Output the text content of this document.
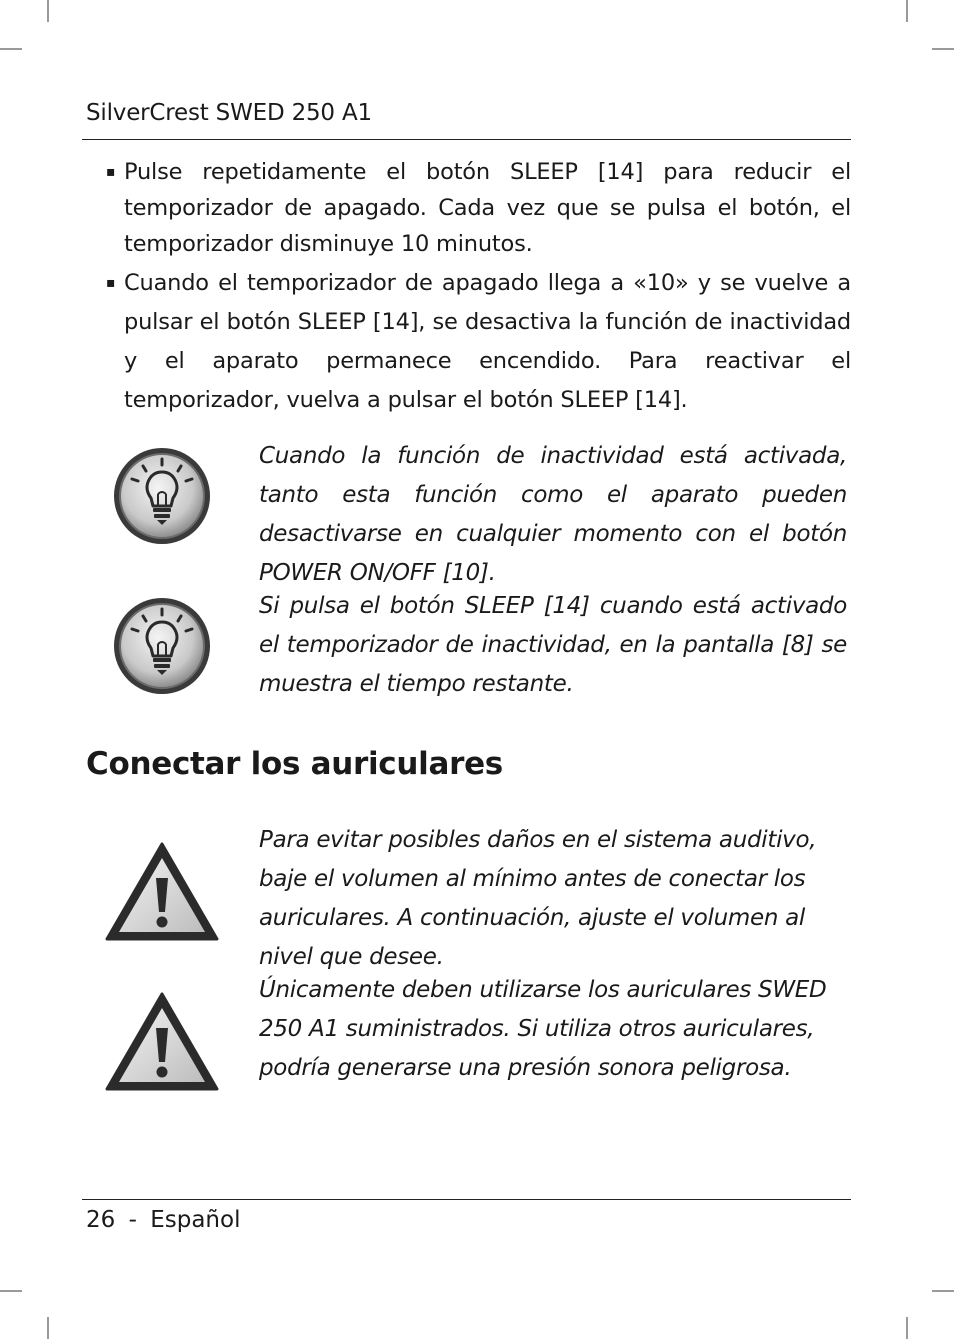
SilverCrest SWED 250 A1
▪ Pulse repetidamente el botón SLEEP [14] para reducir el temporizador de apagado. Cada vez que se pulsa el botón, el temporizador disminuye 10 minutos.
▪ Cuando el temporizador de apagado llega a «10» y se vuelve a pulsar el botón SLEEP [14], se desactiva la función de inactividad y el aparato permanece encendido. Para reactivar el temporizador, vuelva a pulsar el botón SLEEP [14].
Cuando la función de inactividad está activada, tanto esta función como el aparato pueden desactivarse en cualquier momento con el botón POWER ON/OFF [10].
Si pulsa el botón SLEEP [14] cuando está activado el temporizador de inactividad, en la pantalla [8] se muestra el tiempo restante.
Conectar los auriculares
Para evitar posibles daños en el sistema auditivo, baje el volumen al mínimo antes de conectar los auriculares. A continuación, ajuste el volumen al nivel que desee.
Únicamente deben utilizarse los auriculares SWED 250 A1 suministrados. Si utiliza otros auriculares, podría generarse una presión sonora peligrosa.
26 - Español
